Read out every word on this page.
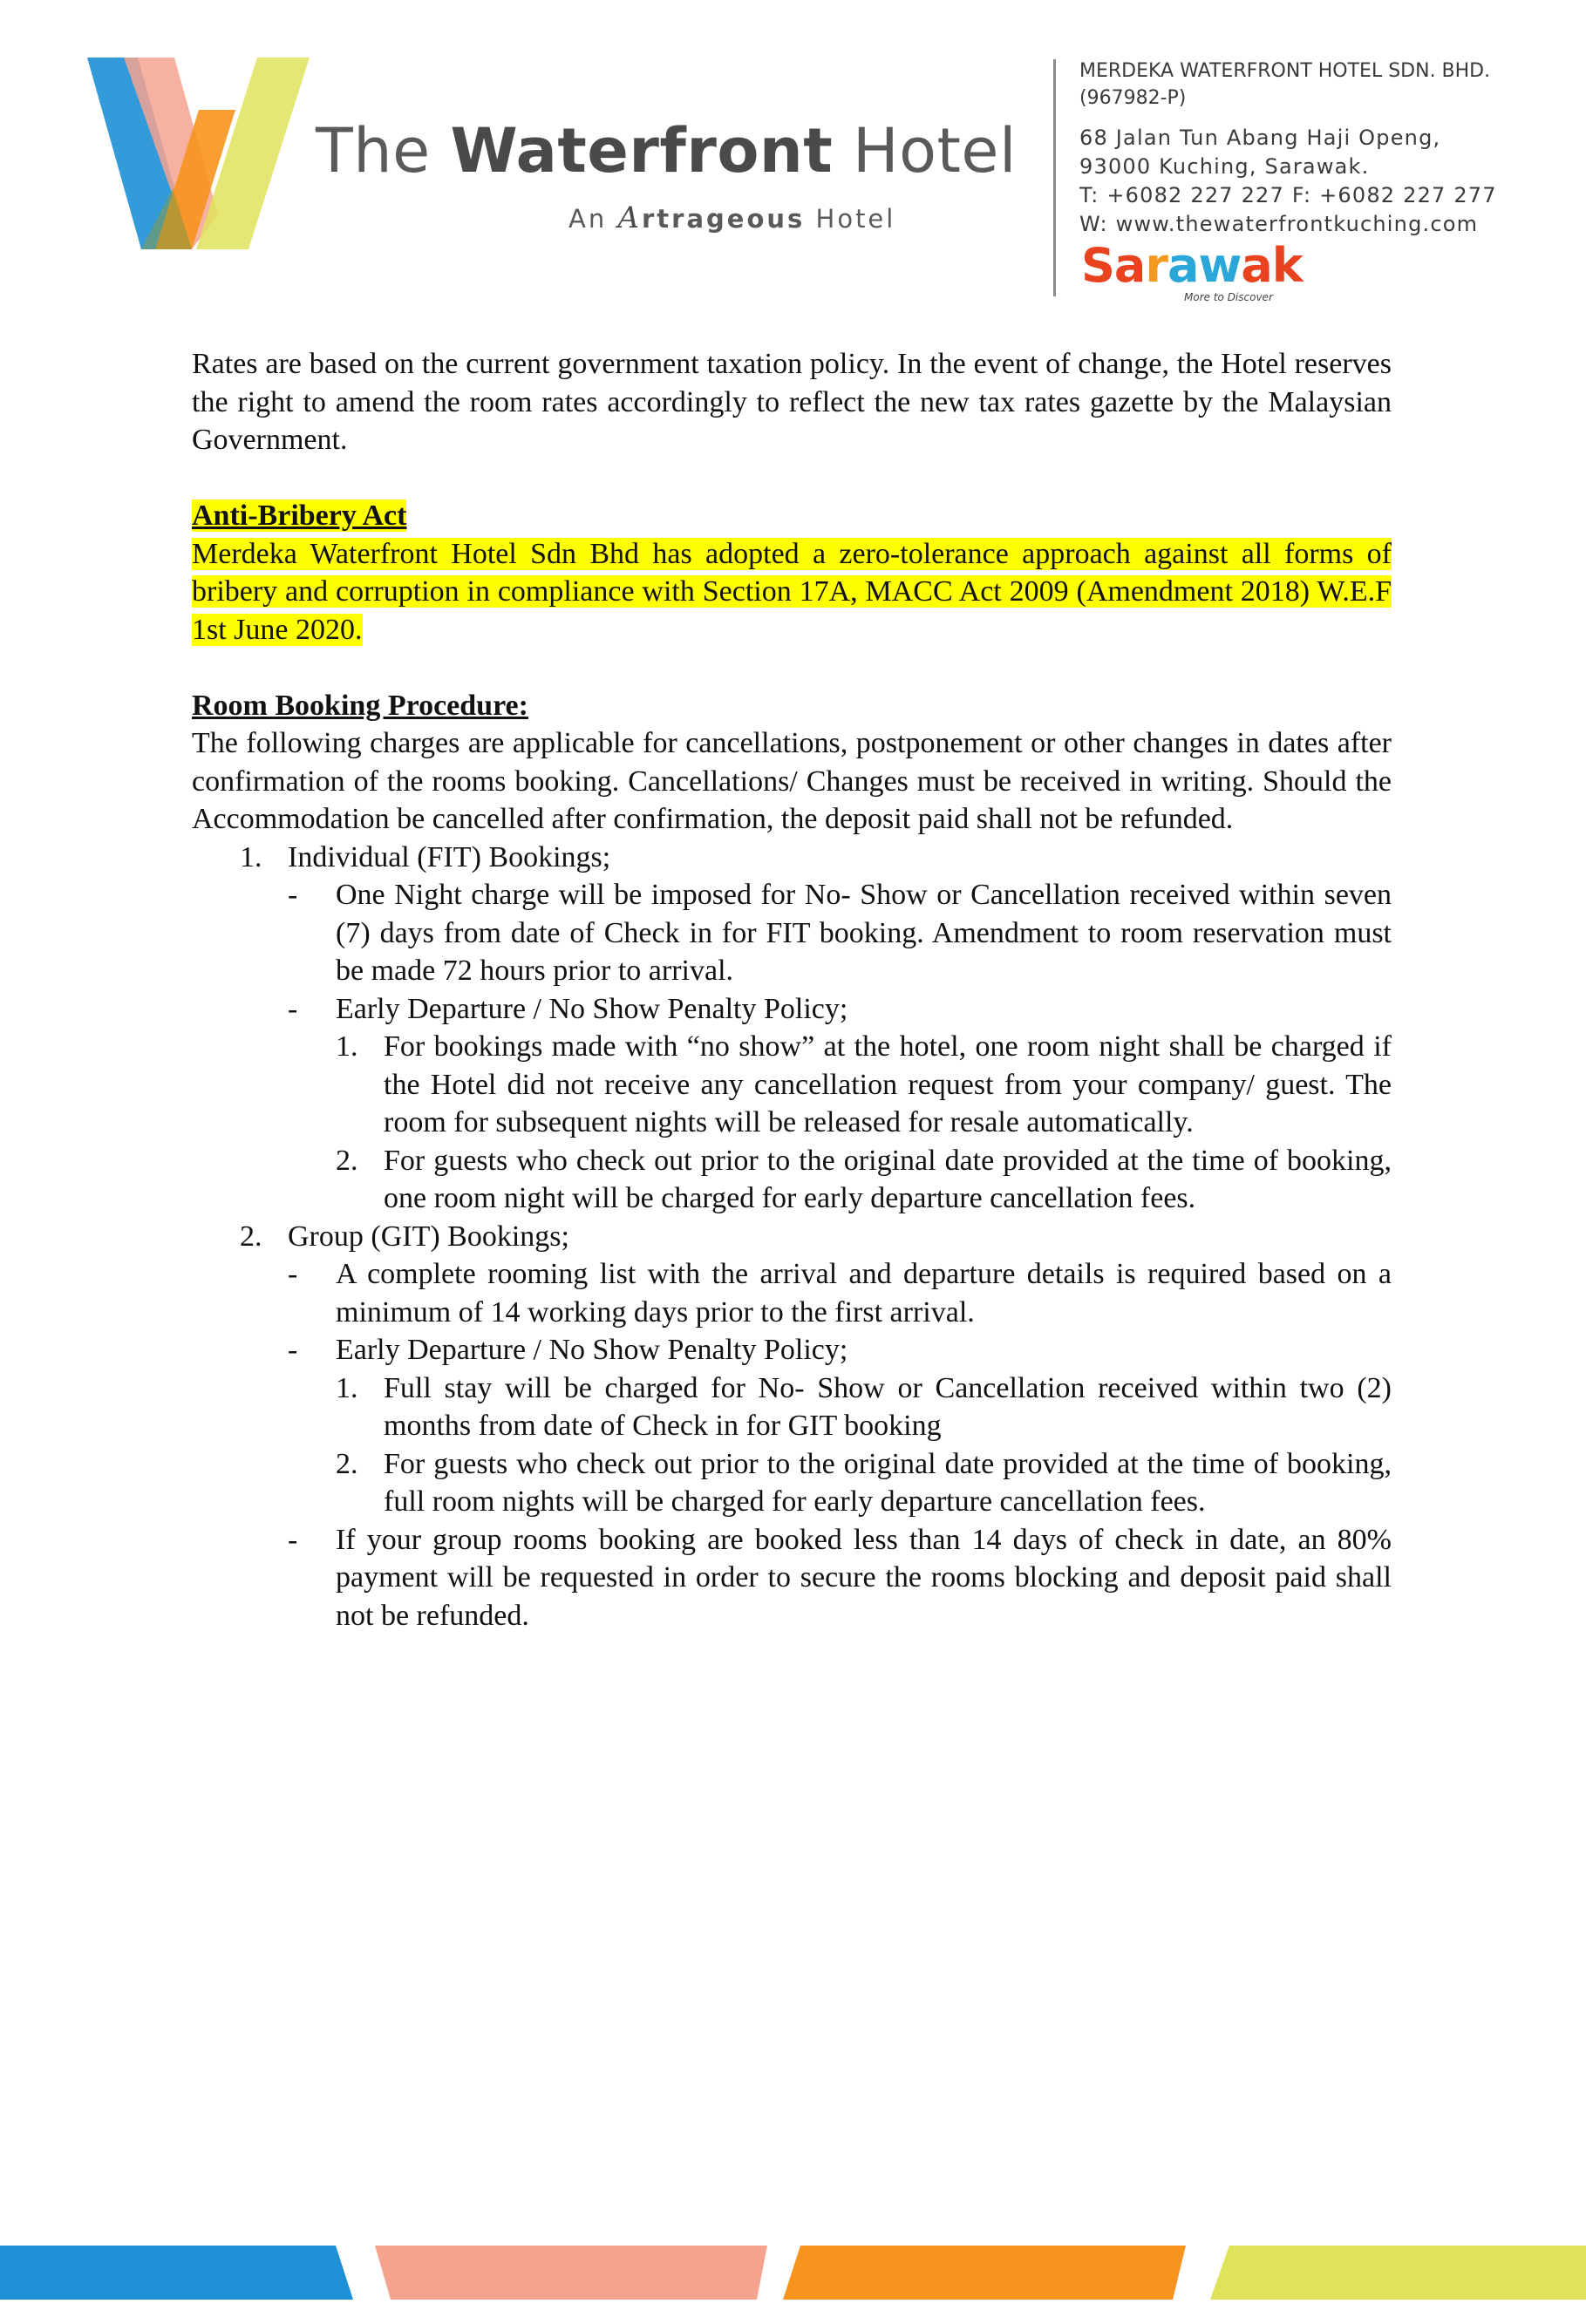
The Waterfront Hotel
An Artrageous Hotel
MERDEKA WATERFRONT HOTEL SDN. BHD.
(967982-P)
68 Jalan Tun Abang Haji Openg,
93000 Kuching, Sarawak.
T: +6082 227 227 F: +6082 227 277
W: www.thewaterfrontkuching.com
Sarawak
More to Discover

Rates are based on the current government taxation policy. In the event of change, the Hotel reserves the right to amend the room rates accordingly to reflect the new tax rates gazette by the Malaysian Government.

Anti-Bribery Act

Merdeka Waterfront Hotel Sdn Bhd has adopted a zero-tolerance approach against all forms of bribery and corruption in compliance with Section 17A, MACC Act 2009 (Amendment 2018) W.E.F 1st June 2020.

Room Booking Procedure:

The following charges are applicable for cancellations, postponement or other changes in dates after confirmation of the rooms booking. Cancellations/ Changes must be received in writing. Should the Accommodation be cancelled after confirmation, the deposit paid shall not be refunded.

1. Individual (FIT) Bookings;
- One Night charge will be imposed for No- Show or Cancellation received within seven (7) days from date of Check in for FIT booking. Amendment to room reservation must be made 72 hours prior to arrival.
- Early Departure / No Show Penalty Policy;
1. For bookings made with “no show” at the hotel, one room night shall be charged if the Hotel did not receive any cancellation request from your company/ guest. The room for subsequent nights will be released for resale automatically.
2. For guests who check out prior to the original date provided at the time of booking, one room night will be charged for early departure cancellation fees.
2. Group (GIT) Bookings;
- A complete rooming list with the arrival and departure details is required based on a minimum of 14 working days prior to the first arrival.
- Early Departure / No Show Penalty Policy;
1. Full stay will be charged for No- Show or Cancellation received within two (2) months from date of Check in for GIT booking
2. For guests who check out prior to the original date provided at the time of booking, full room nights will be charged for early departure cancellation fees.
- If your group rooms booking are booked less than 14 days of check in date, an 80% payment will be requested in order to secure the rooms blocking and deposit paid shall not be refunded.
